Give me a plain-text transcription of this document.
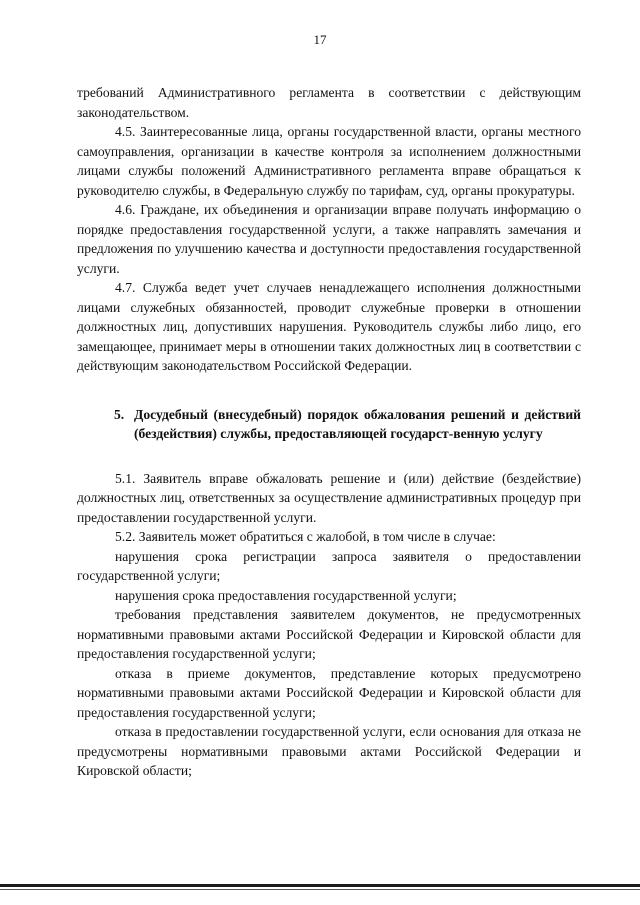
17

требований Административного регламента в соответствии с действующим законодательством.

4.5. Заинтересованные лица, органы государственной власти, органы местного самоуправления, организации в качестве контроля за исполнением должностными лицами службы положений Административного регламента вправе обращаться к руководителю службы, в Федеральную службу по тарифам, суд, органы прокуратуры.

4.6. Граждане, их объединения и организации вправе получать информацию о порядке предоставления государственной услуги, а также направлять замечания и предложения по улучшению качества и доступности предоставления государственной услуги.

4.7. Служба ведет учет случаев ненадлежащего исполнения должностными лицами служебных обязанностей, проводит служебные проверки в отношении должностных лиц, допустивших нарушения. Руководитель службы либо лицо, его замещающее, принимает меры в отношении таких должностных лиц в соответствии с действующим законодательством Российской Федерации.

5. Досудебный (внесудебный) порядок обжалования решений и действий (бездействия) службы, предоставляющей государст-венную услугу

5.1. Заявитель вправе обжаловать решение и (или) действие (бездействие) должностных лиц, ответственных за осуществление административных процедур при предоставлении государственной услуги.

5.2. Заявитель может обратиться с жалобой, в том числе в случае:

нарушения срока регистрации запроса заявителя о предоставлении государственной услуги;

нарушения срока предоставления государственной услуги;

требования представления заявителем документов, не предусмотренных нормативными правовыми актами Российской Федерации и Кировской области для предоставления государственной услуги;

отказа в приеме документов, представление которых предусмотрено нормативными правовыми актами Российской Федерации и Кировской области для предоставления государственной услуги;

отказа в предоставлении государственной услуги, если основания для отказа не предусмотрены нормативными правовыми актами Российской Федерации и Кировской области;
